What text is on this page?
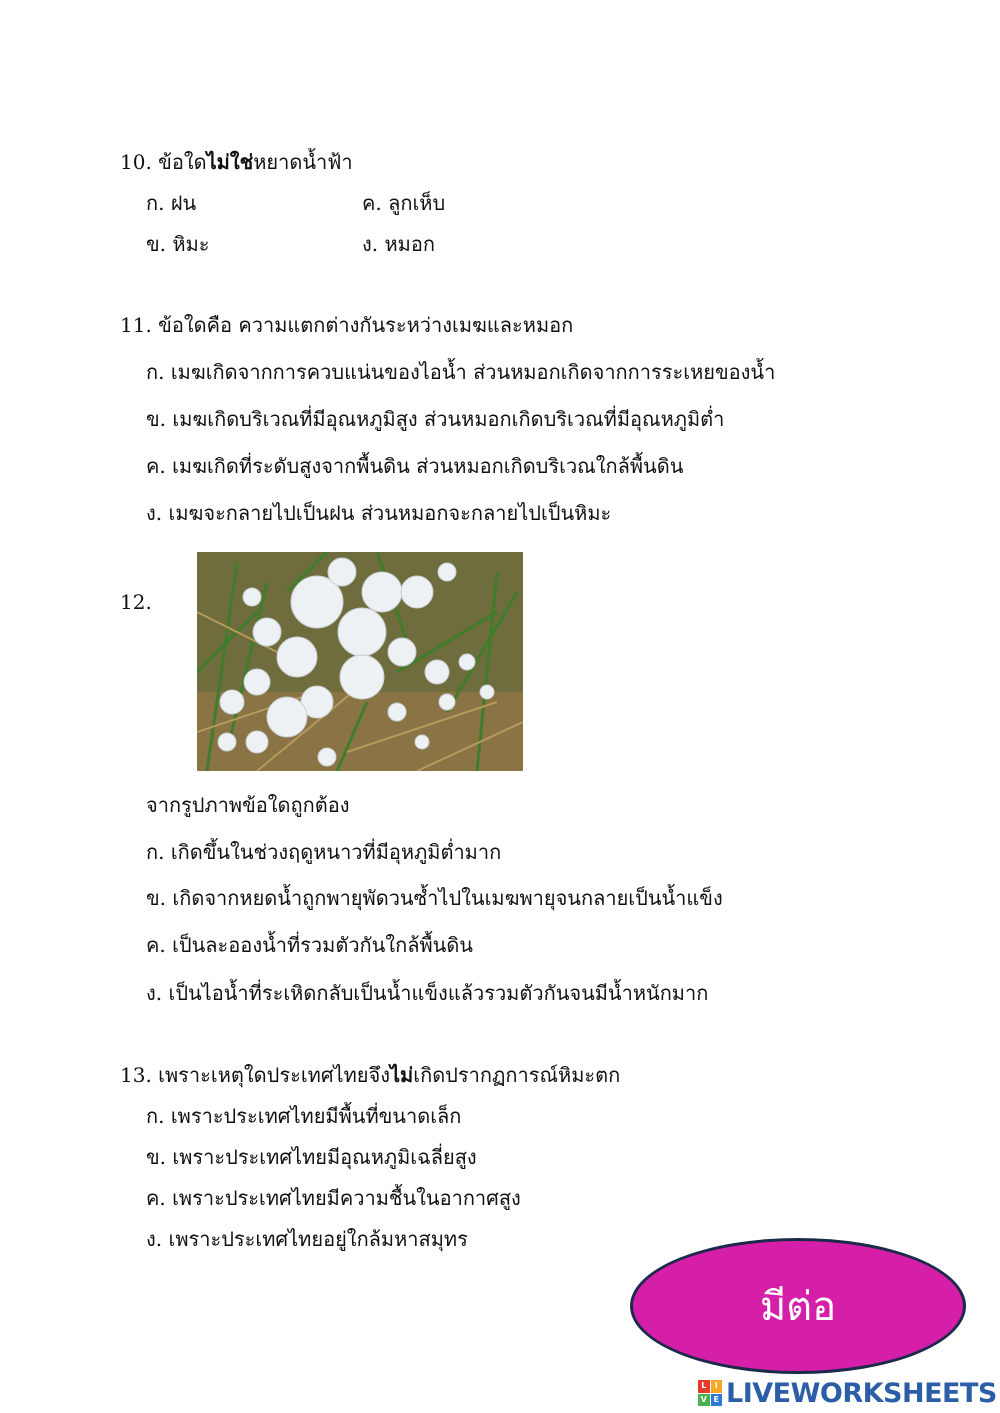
10. ข้อใดไม่ใช่หยาดน้ำฟ้า
ก. ฝน	ค. ลูกเห็บ
ข. หิมะ	ง. หมอก
11. ข้อใดคือ ความแตกต่างกันระหว่างเมฆและหมอก
ก. เมฆเกิดจากการควบแน่นของไอน้ำ ส่วนหมอกเกิดจากการระเหยของน้ำ
ข. เมฆเกิดบริเวณที่มีอุณหภูมิสูง ส่วนหมอกเกิดบริเวณที่มีอุณหภูมิต่ำ
ค. เมฆเกิดที่ระดับสูงจากพื้นดิน ส่วนหมอกเกิดบริเวณใกล้พื้นดิน
ง. เมฆจะกลายไปเป็นฝน ส่วนหมอกจะกลายไปเป็นหิมะ
12.
จากรูปภาพข้อใดถูกต้อง
ก. เกิดขึ้นในช่วงฤดูหนาวที่มีอุหภูมิต่ำมาก
ข. เกิดจากหยดน้ำถูกพายุพัดวนซ้ำไปในเมฆพายุจนกลายเป็นน้ำแข็ง
ค. เป็นละอองน้ำที่รวมตัวกันใกล้พื้นดิน
ง. เป็นไอน้ำที่ระเหิดกลับเป็นน้ำแข็งแล้วรวมตัวกันจนมีน้ำหนักมาก
13. เพราะเหตุใดประเทศไทยจึงไม่เกิดปรากฏการณ์หิมะตก
ก. เพราะประเทศไทยมีพื้นที่ขนาดเล็ก
ข. เพราะประเทศไทยมีอุณหภูมิเฉลี่ยสูง
ค. เพราะประเทศไทยมีความชื้นในอากาศสูง
ง. เพราะประเทศไทยอยู่ใกล้มหาสมุทร
มีต่อ
L	I
V E LIVEWORKSHEETS
